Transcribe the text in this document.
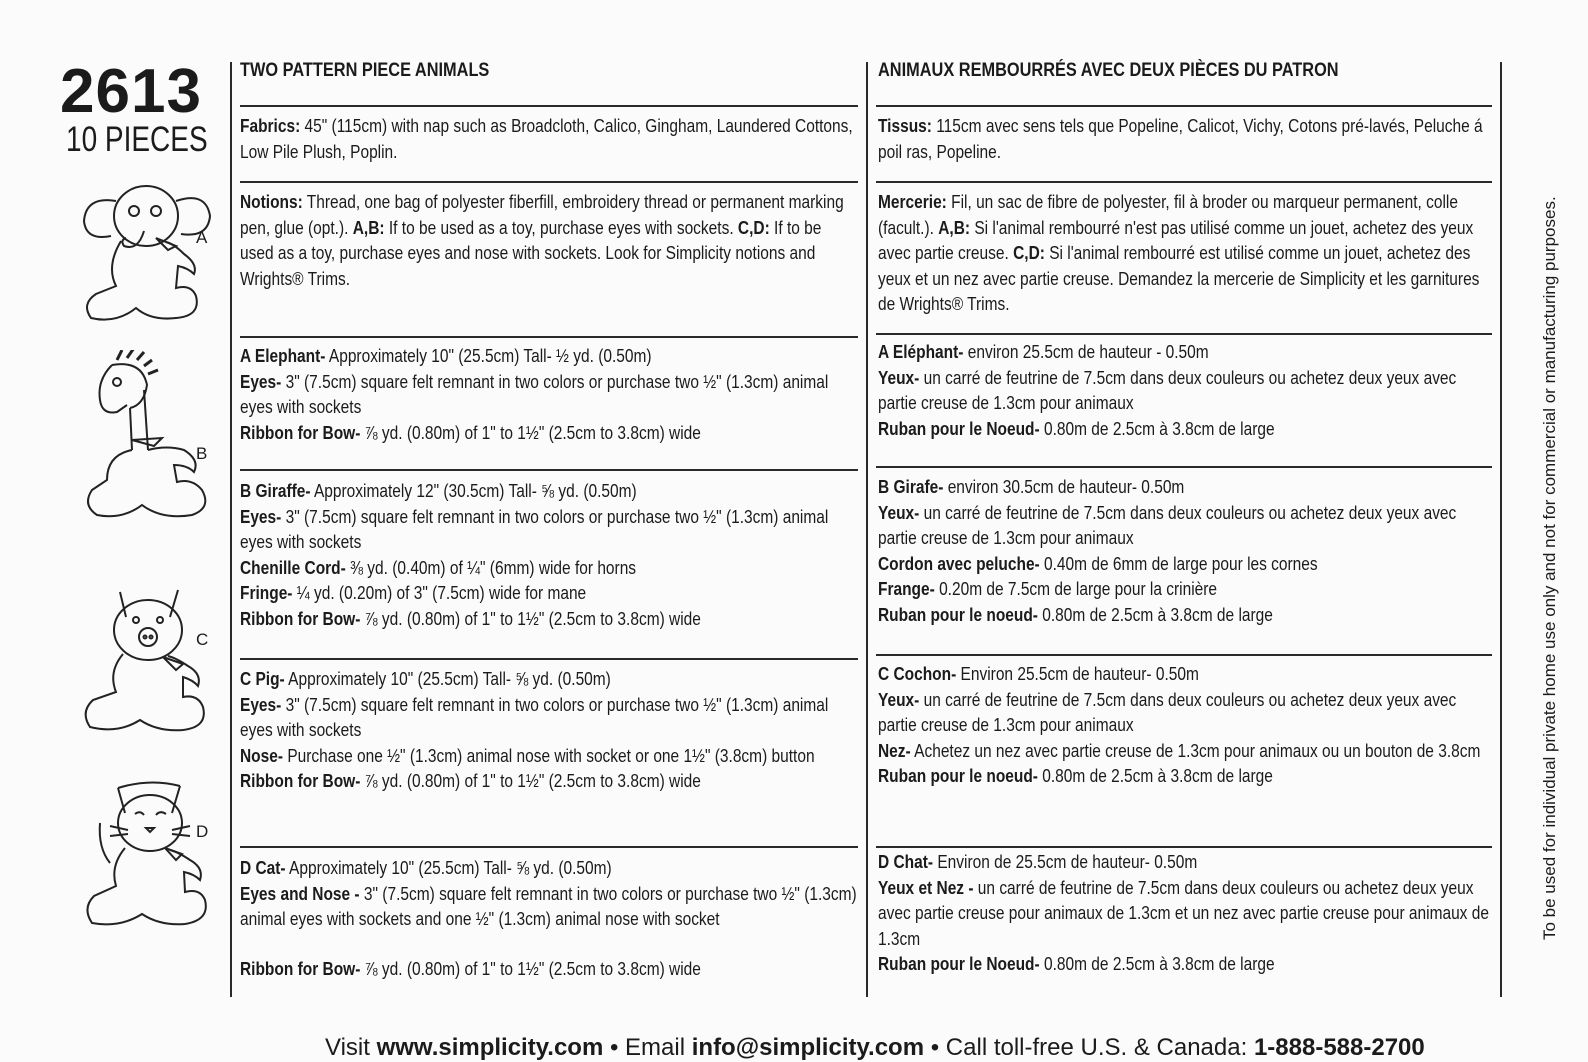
2613
10 PIECES
A
B
C
D
TWO PATTERN PIECE ANIMALS

Fabrics: 45" (115cm) with nap such as Broadcloth, Calico, Gingham, Laundered Cottons, Low Pile Plush, Poplin.

Notions: Thread, one bag of polyester fiberfill, embroidery thread or permanent marking pen, glue (opt.). A,B: If to be used as a toy, purchase eyes with sockets. C,D: If to be used as a toy, purchase eyes and nose with sockets. Look for Simplicity notions and Wrights® Trims.

A Elephant- Approximately 10" (25.5cm) Tall- ½ yd. (0.50m)

Eyes- 3" (7.5cm) square felt remnant in two colors or purchase two ½" (1.3cm) animal eyes with sockets

Ribbon for Bow- ⅞ yd. (0.80m) of 1" to 1½" (2.5cm to 3.8cm) wide

B Giraffe- Approximately 12" (30.5cm) Tall- ⅝ yd. (0.50m)

Eyes- 3" (7.5cm) square felt remnant in two colors or purchase two ½" (1.3cm) animal eyes with sockets

Chenille Cord- ⅜ yd. (0.40m) of ¼" (6mm) wide for horns

Fringe- ¼ yd. (0.20m) of 3" (7.5cm) wide for mane

Ribbon for Bow- ⅞ yd. (0.80m) of 1" to 1½" (2.5cm to 3.8cm) wide

C Pig- Approximately 10" (25.5cm) Tall- ⅝ yd. (0.50m)

Eyes- 3" (7.5cm) square felt remnant in two colors or purchase two ½" (1.3cm) animal eyes with sockets

Nose- Purchase one ½" (1.3cm) animal nose with socket or one 1½" (3.8cm) button

Ribbon for Bow- ⅞ yd. (0.80m) of 1" to 1½" (2.5cm to 3.8cm) wide

D Cat- Approximately 10" (25.5cm) Tall- ⅝ yd. (0.50m)

Eyes and Nose - 3" (7.5cm) square felt remnant in two colors or purchase two ½" (1.3cm) animal eyes with sockets and one ½" (1.3cm) animal nose with socket

Ribbon for Bow- ⅞ yd. (0.80m) of 1" to 1½" (2.5cm to 3.8cm) wide

ANIMAUX REMBOURRÉS AVEC DEUX PIÈCES DU PATRON

Tissus: 115cm avec sens tels que Popeline, Calicot, Vichy, Cotons pré-lavés, Peluche á poil ras, Popeline.

Mercerie: Fil, un sac de fibre de polyester, fil à broder ou marqueur permanent, colle (facult.). A,B: Si l'animal rembourré n'est pas utilisé comme un jouet, achetez des yeux avec partie creuse. C,D: Si l'animal rembourré est utilisé comme un jouet, achetez des yeux et un nez avec partie creuse. Demandez la mercerie de Simplicity et les garnitures de Wrights® Trims.

A Eléphant- environ 25.5cm de hauteur - 0.50m

Yeux- un carré de feutrine de 7.5cm dans deux couleurs ou achetez deux yeux avec partie creuse de 1.3cm pour animaux

Ruban pour le Noeud- 0.80m de 2.5cm à 3.8cm de large

B Girafe- environ 30.5cm de hauteur- 0.50m

Yeux- un carré de feutrine de 7.5cm dans deux couleurs ou achetez deux yeux avec partie creuse de 1.3cm pour animaux

Cordon avec peluche- 0.40m de 6mm de large pour les cornes

Frange- 0.20m de 7.5cm de large pour la crinière

Ruban pour le noeud- 0.80m de 2.5cm à 3.8cm de large

C Cochon- Environ 25.5cm de hauteur- 0.50m

Yeux- un carré de feutrine de 7.5cm dans deux couleurs ou achetez deux yeux avec partie creuse de 1.3cm pour animaux

Nez- Achetez un nez avec partie creuse de 1.3cm pour animaux ou un bouton de 3.8cm

Ruban pour le noeud- 0.80m de 2.5cm à 3.8cm de large

D Chat- Environ de 25.5cm de hauteur- 0.50m

Yeux et Nez - un carré de feutrine de 7.5cm dans deux couleurs ou achetez deux yeux avec partie creuse pour animaux de 1.3cm et un nez avec partie creuse pour animaux de 1.3cm

Ruban pour le Noeud- 0.80m de 2.5cm à 3.8cm de large

To be used for individual private home use only and not for commercial or manufacturing purposes.
Visit www.simplicity.com • Email info@simplicity.com • Call toll-free U.S. & Canada: 1-888-588-2700
